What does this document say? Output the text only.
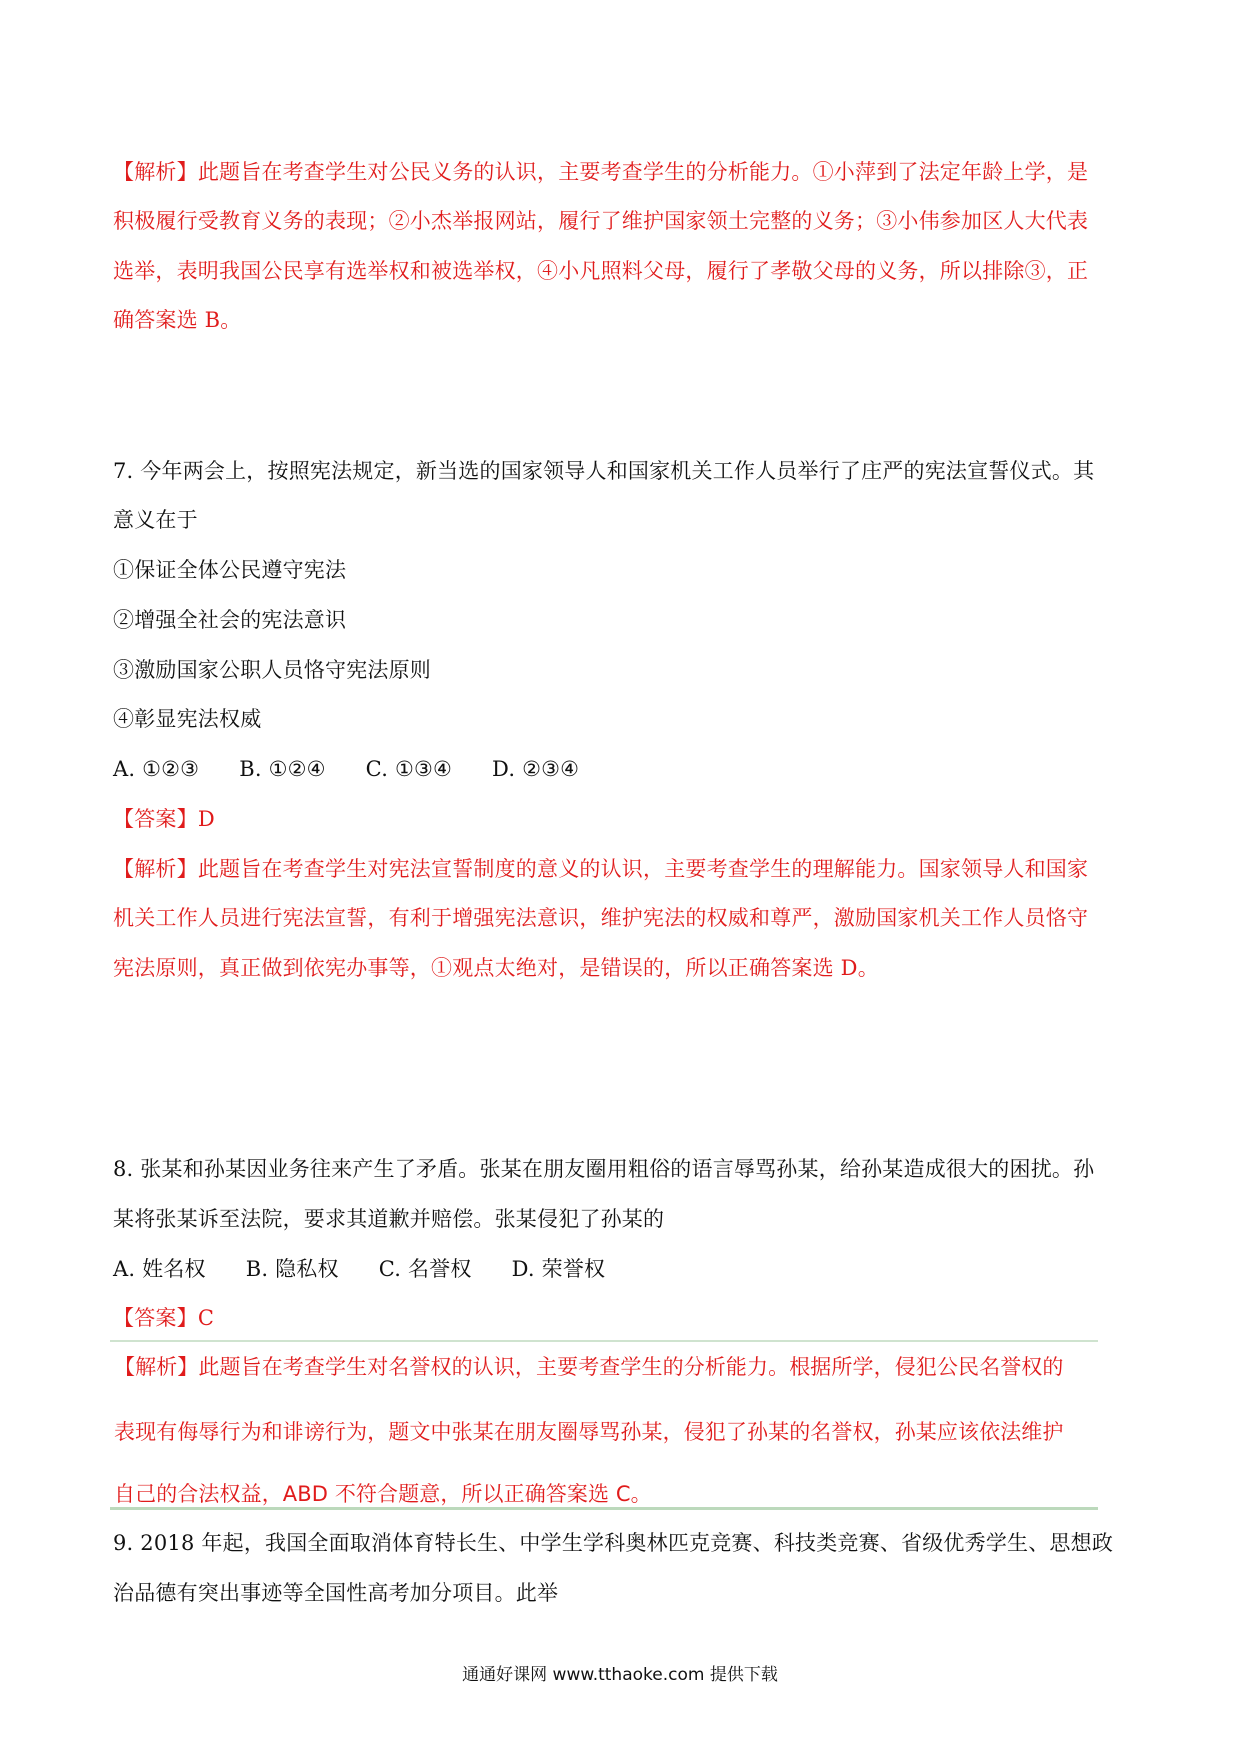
【解析】此题旨在考查学生对公民义务的认识，主要考查学生的分析能力。①小萍到了法定年龄上学，是
积极履行受教育义务的表现；②小杰举报网站，履行了维护国家领土完整的义务；③小伟参加区人大代表
选举，表明我国公民享有选举权和被选举权，④小凡照料父母，履行了孝敬父母的义务，所以排除③，正
确答案选 B。
7. 今年两会上，按照宪法规定，新当选的国家领导人和国家机关工作人员举行了庄严的宪法宣誓仪式。其
意义在于
①保证全体公民遵守宪法
②增强全社会的宪法意识
③激励国家公职人员恪守宪法原则
④彰显宪法权威
A. ①②③ B. ①②④ C. ①③④ D. ②③④
【答案】D
【解析】此题旨在考查学生对宪法宣誓制度的意义的认识，主要考查学生的理解能力。国家领导人和国家
机关工作人员进行宪法宣誓，有利于增强宪法意识，维护宪法的权威和尊严，激励国家机关工作人员恪守
宪法原则，真正做到依宪办事等，①观点太绝对，是错误的，所以正确答案选 D。
8. 张某和孙某因业务往来产生了矛盾。张某在朋友圈用粗俗的语言辱骂孙某，给孙某造成很大的困扰。孙
某将张某诉至法院，要求其道歉并赔偿。张某侵犯了孙某的
A. 姓名权 B. 隐私权 C. 名誉权 D. 荣誉权
【答案】C
【解析】此题旨在考查学生对名誉权的认识，主要考查学生的分析能力。根据所学，侵犯公民名誉权的
表现有侮辱行为和诽谤行为，题文中张某在朋友圈辱骂孙某，侵犯了孙某的名誉权，孙某应该依法维护
自己的合法权益，ABD 不符合题意，所以正确答案选 C。
9. 2018 年起，我国全面取消体育特长生、中学生学科奥林匹克竞赛、科技类竞赛、省级优秀学生、思想政
治品德有突出事迹等全国性高考加分项目。此举
通通好课网 www.tthaoke.com 提供下载
